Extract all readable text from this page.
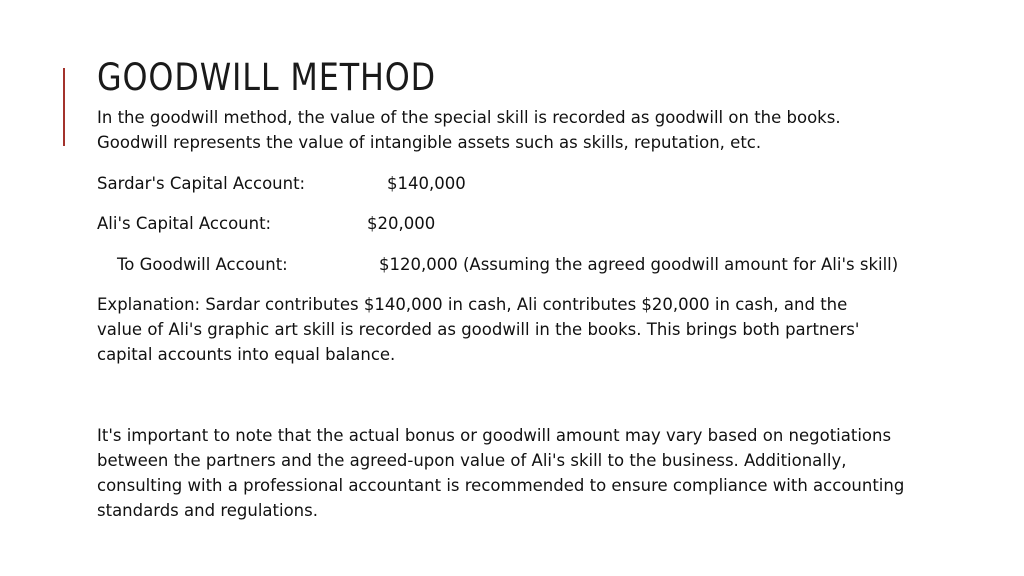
GOODWILL METHOD
In the goodwill method, the value of the special skill is recorded as goodwill on the books.
Goodwill represents the value of intangible assets such as skills, reputation, etc.
Sardar's Capital Account:	$140,000
Ali's Capital Account:	$20,000
To Goodwill Account:	$120,000
(Assuming the agreed goodwill amount for Ali's skill)
Explanation: Sardar contributes $140,000 in cash, Ali contributes $20,000 in cash, and the
value of Ali's graphic art skill is recorded as goodwill in the books. This brings both partners'
capital accounts into equal balance.
It's important to note that the actual bonus or goodwill amount may vary based on negotiations
between the partners and the agreed-upon value of Ali's skill to the business. Additionally,
consulting with a professional accountant is recommended to ensure compliance with accounting
standards and regulations.
